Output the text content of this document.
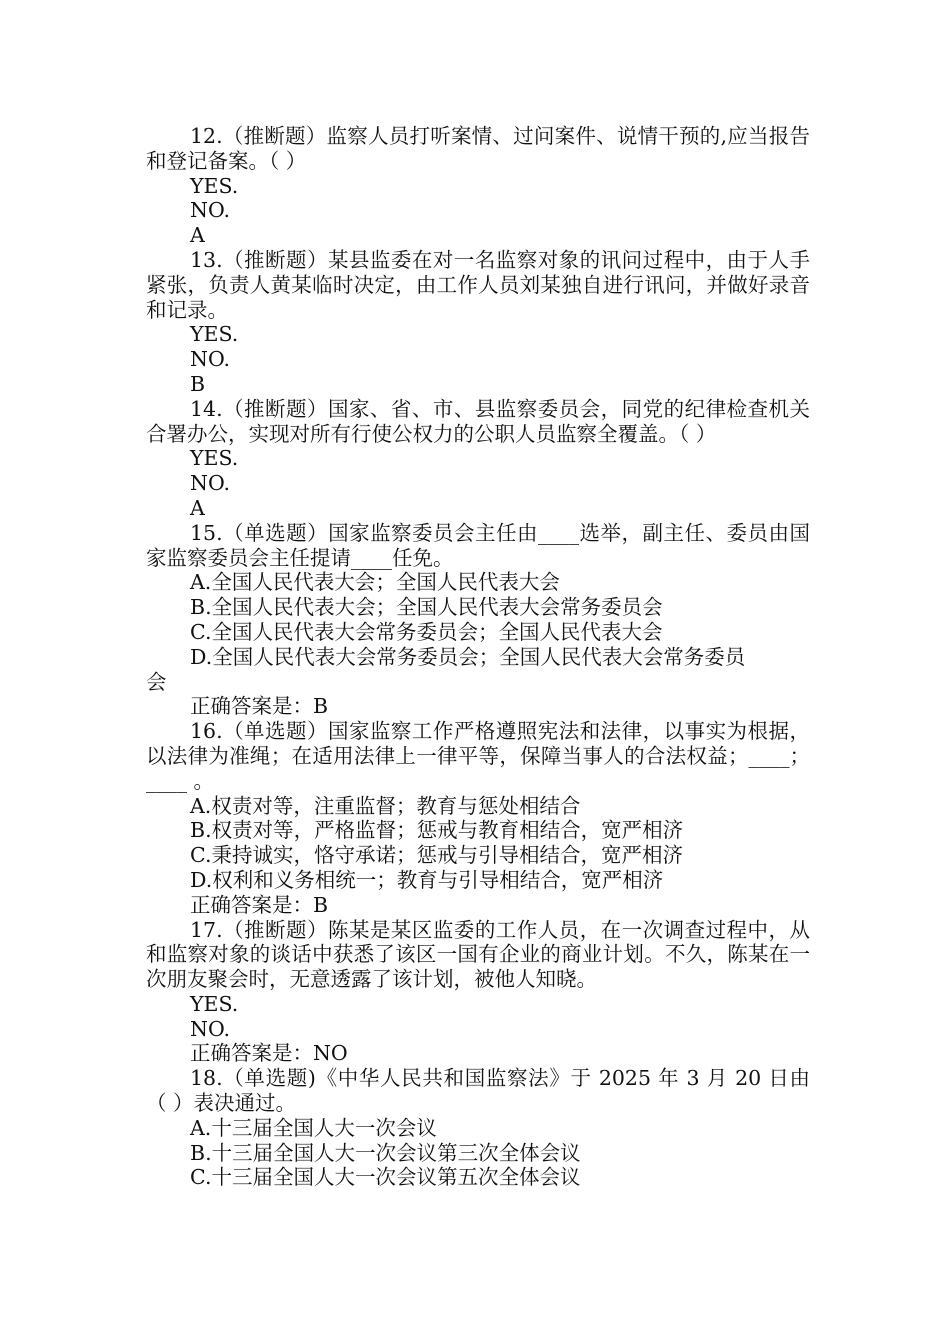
12.（推断题）监察人员打听案情、过问案件、说情干预的,应当报告和登记备案。（ ）

YES.
NO.
A

13.（推断题）某县监委在对一名监察对象的讯问过程中，由于人手紧张，负责人黄某临时决定，由工作人员刘某独自进行讯问，并做好录音和记录。

YES.
NO.
B

14.（推断题）国家、省、市、县监察委员会，同党的纪律检查机关合署办公，实现对所有行使公权力的公职人员监察全覆盖。（ ）

YES.
NO.
A

15.（单选题）国家监察委员会主任由____选举，副主任、委员由国家监察委员会主任提请____任免。

A.全国人民代表大会；全国人民代表大会
B.全国人民代表大会；全国人民代表大会常务委员会
C.全国人民代表大会常务委员会；全国人民代表大会
D.全国人民代表大会常务委员会；全国人民代表大会常务委员
会
正确答案是：B

16.（单选题）国家监察工作严格遵照宪法和法律，以事实为根据，以法律为准绳；在适用法律上一律平等，保障当事人的合法权益；____；____ 。

A.权责对等，注重监督；教育与惩处相结合
B.权责对等，严格监督；惩戒与教育相结合，宽严相济
C.秉持诚实，恪守承诺；惩戒与引导相结合，宽严相济
D.权利和义务相统一；教育与引导相结合，宽严相济
正确答案是：B

17.（推断题）陈某是某区监委的工作人员，在一次调查过程中，从和监察对象的谈话中获悉了该区一国有企业的商业计划。不久，陈某在一次朋友聚会时，无意透露了该计划，被他人知晓。

YES.
NO.
正确答案是：NO

18.（单选题)《中华人民共和国监察法》于 2025 年 3 月 20 日由（ ）表决通过。

A.十三届全国人大一次会议
B.十三届全国人大一次会议第三次全体会议
C.十三届全国人大一次会议第五次全体会议
